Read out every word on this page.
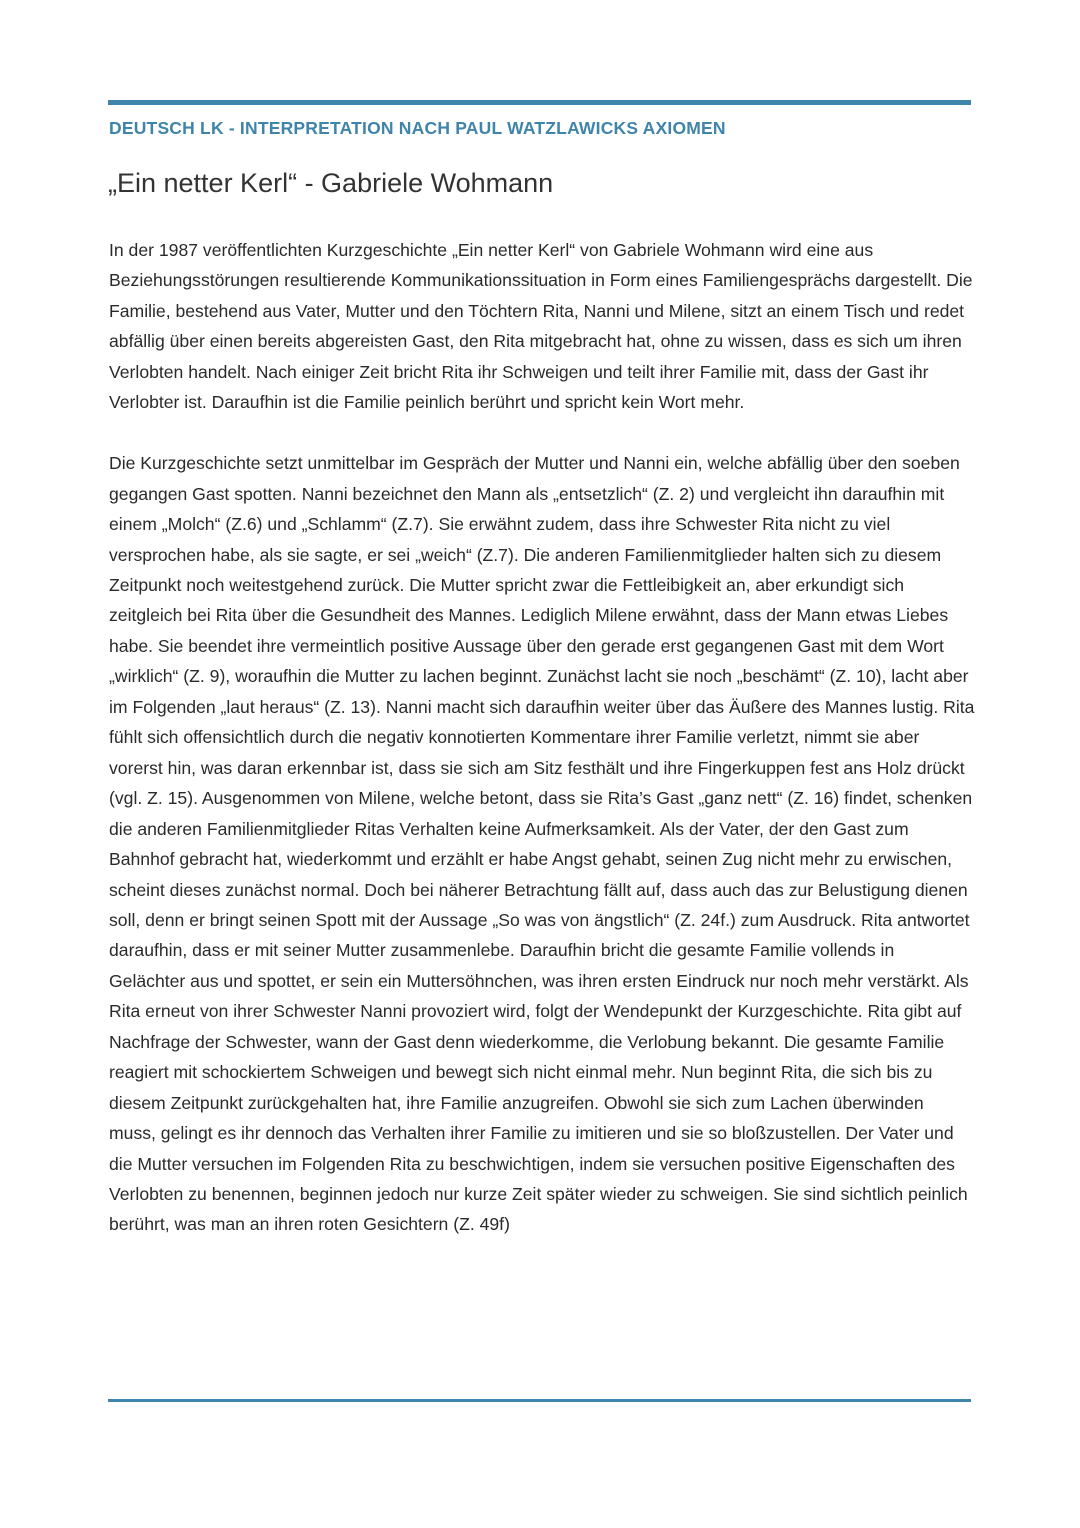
DEUTSCH LK - INTERPRETATION NACH PAUL WATZLAWICKS AXIOMEN
„Ein netter Kerl“ - Gabriele Wohmann

In der 1987 veröffentlichten Kurzgeschichte „Ein netter Kerl“ von Gabriele Wohmann wird eine aus Beziehungsstörungen resultierende Kommunikationssituation in Form eines Familiengesprächs dargestellt. Die Familie, bestehend aus Vater, Mutter und den Töchtern Rita, Nanni und Milene, sitzt an einem Tisch und redet abfällig über einen bereits abgereisten Gast, den Rita mitgebracht hat, ohne zu wissen, dass es sich um ihren Verlobten handelt. Nach einiger Zeit bricht Rita ihr Schweigen und teilt ihrer Familie mit, dass der Gast ihr Verlobter ist. Daraufhin ist die Familie peinlich berührt und spricht kein Wort mehr.

Die Kurzgeschichte setzt unmittelbar im Gespräch der Mutter und Nanni ein, welche abfällig über den soeben gegangen Gast spotten. Nanni bezeichnet den Mann als „entsetzlich“ (Z. 2) und vergleicht ihn daraufhin mit einem „Molch“ (Z.6) und „Schlamm“ (Z.7). Sie erwähnt zudem, dass ihre Schwester Rita nicht zu viel versprochen habe, als sie sagte, er sei „weich“ (Z.7). Die anderen Familienmitglieder halten sich zu diesem Zeitpunkt noch weitestgehend zurück. Die Mutter spricht zwar die Fettleibigkeit an, aber erkundigt sich zeitgleich bei Rita über die Gesundheit des Mannes. Lediglich Milene erwähnt, dass der Mann etwas Liebes habe. Sie beendet ihre vermeintlich positive Aussage über den gerade erst gegangenen Gast mit dem Wort „wirklich“ (Z. 9), woraufhin die Mutter zu lachen beginnt. Zunächst lacht sie noch „beschämt“ (Z. 10), lacht aber im Folgenden „laut heraus“ (Z. 13). Nanni macht sich daraufhin weiter über das Äußere des Mannes lustig. Rita fühlt sich offensichtlich durch die negativ konnotierten Kommentare ihrer Familie verletzt, nimmt sie aber vorerst hin, was daran erkennbar ist, dass sie sich am Sitz festhält und ihre Fingerkuppen fest ans Holz drückt (vgl. Z. 15). Ausgenommen von Milene, welche betont, dass sie Rita’s Gast „ganz nett“ (Z. 16) findet, schenken die anderen Familienmitglieder Ritas Verhalten keine Aufmerksamkeit. Als der Vater, der den Gast zum Bahnhof gebracht hat, wiederkommt und erzählt er habe Angst gehabt, seinen Zug nicht mehr zu erwischen, scheint dieses zunächst normal. Doch bei näherer Betrachtung fällt auf, dass auch das zur Belustigung dienen soll, denn er bringt seinen Spott mit der Aussage „So was von ängstlich“ (Z. 24f.) zum Ausdruck. Rita antwortet daraufhin, dass er mit seiner Mutter zusammenlebe. Daraufhin bricht die gesamte Familie vollends in Gelächter aus und spottet, er sein ein Muttersöhnchen, was ihren ersten Eindruck nur noch mehr verstärkt. Als Rita erneut von ihrer Schwester Nanni provoziert wird, folgt der Wendepunkt der Kurzgeschichte. Rita gibt auf Nachfrage der Schwester, wann der Gast denn wiederkomme, die Verlobung bekannt. Die gesamte Familie reagiert mit schockiertem Schweigen und bewegt sich nicht einmal mehr. Nun beginnt Rita, die sich bis zu diesem Zeitpunkt zurückgehalten hat, ihre Familie anzugreifen. Obwohl sie sich zum Lachen überwinden muss, gelingt es ihr dennoch das Verhalten ihrer Familie zu imitieren und sie so bloßzustellen. Der Vater und die Mutter versuchen im Folgenden Rita zu beschwichtigen, indem sie versuchen positive Eigenschaften des Verlobten zu benennen, beginnen jedoch nur kurze Zeit später wieder zu schweigen. Sie sind sichtlich peinlich berührt, was man an ihren roten Gesichtern (Z. 49f)
